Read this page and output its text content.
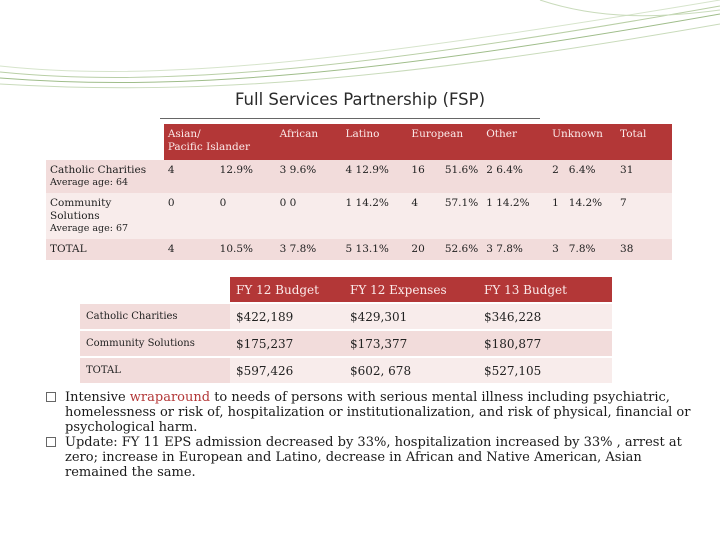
Full Services Partnership (FSP)
	Asian/
Pacific Islander		African	Latino	European	Other	Unknown	Total
Catholic Charities
Average age: 64	4	12.9%	3 9.6%	4 12.9%	16 51.6%	2 6.4%	2 6.4%	31
Community Solutions
Average age: 67	0	0	0 0	1 14.2%	4 57.1%	1 14.2%	1 14.2%	7
TOTAL	4	10.5%	3 7.8%	5 13.1%	20 52.6%	3 7.8%	3 7.8%	38
	FY 12 Budget	FY 12 Expenses	FY 13 Budget
Catholic Charities	$422,189	$429,301	$346,228
Community Solutions	$175,237	$173,377	$180,877
TOTAL	$597,426	$602, 678	$527,105
Intensive wraparound to needs of persons with serious mental illness including psychiatric, homelessness or risk of, hospitalization or institutionalization, and risk of physical, financial or psychological harm.
Update: FY 11 EPS admission decreased by 33%, hospitalization increased by 33% , arrest at zero; increase in European and Latino, decrease in African and Native American, Asian remained the same.
